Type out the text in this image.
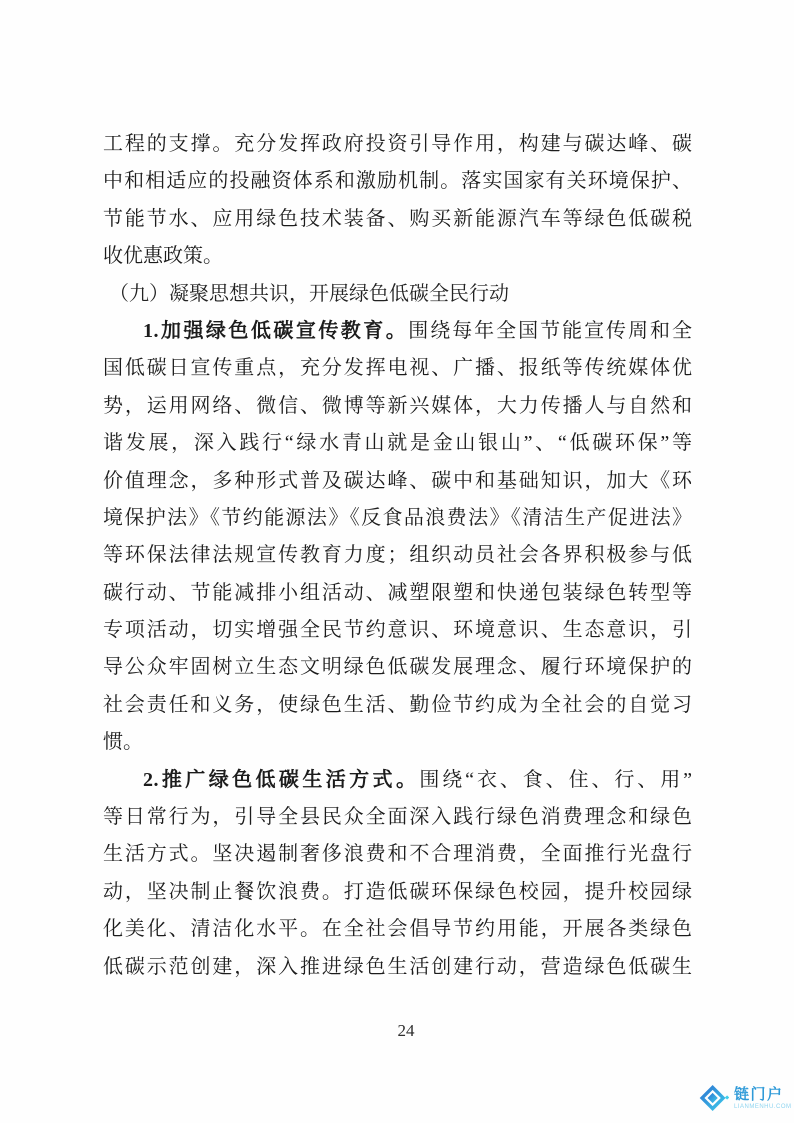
工程的支撑。充分发挥政府投资引导作用，构建与碳达峰、碳
中和相适应的投融资体系和激励机制。落实国家有关环境保护、
节能节水、应用绿色技术装备、购买新能源汽车等绿色低碳税
收优惠政策。
（九）凝聚思想共识，开展绿色低碳全民行动
1.加强绿色低碳宣传教育。围绕每年全国节能宣传周和全
国低碳日宣传重点，充分发挥电视、广播、报纸等传统媒体优
势，运用网络、微信、微博等新兴媒体，大力传播人与自然和
谐发展，深入践行“绿水青山就是金山银山”、“低碳环保”等
价值理念，多种形式普及碳达峰、碳中和基础知识，加大《环
境保护法》《节约能源法》《反食品浪费法》《清洁生产促进法》
等环保法律法规宣传教育力度；组织动员社会各界积极参与低
碳行动、节能减排小组活动、减塑限塑和快递包装绿色转型等
专项活动，切实增强全民节约意识、环境意识、生态意识，引
导公众牢固树立生态文明绿色低碳发展理念、履行环境保护的
社会责任和义务，使绿色生活、勤俭节约成为全社会的自觉习
惯。
2.推广绿色低碳生活方式。围绕“衣、食、住、行、用”
等日常行为，引导全县民众全面深入践行绿色消费理念和绿色
生活方式。坚决遏制奢侈浪费和不合理消费，全面推行光盘行
动，坚决制止餐饮浪费。打造低碳环保绿色校园，提升校园绿
化美化、清洁化水平。在全社会倡导节约用能，开展各类绿色
低碳示范创建，深入推进绿色生活创建行动，营造绿色低碳生
24
链门户
LIANMENHU.COM
